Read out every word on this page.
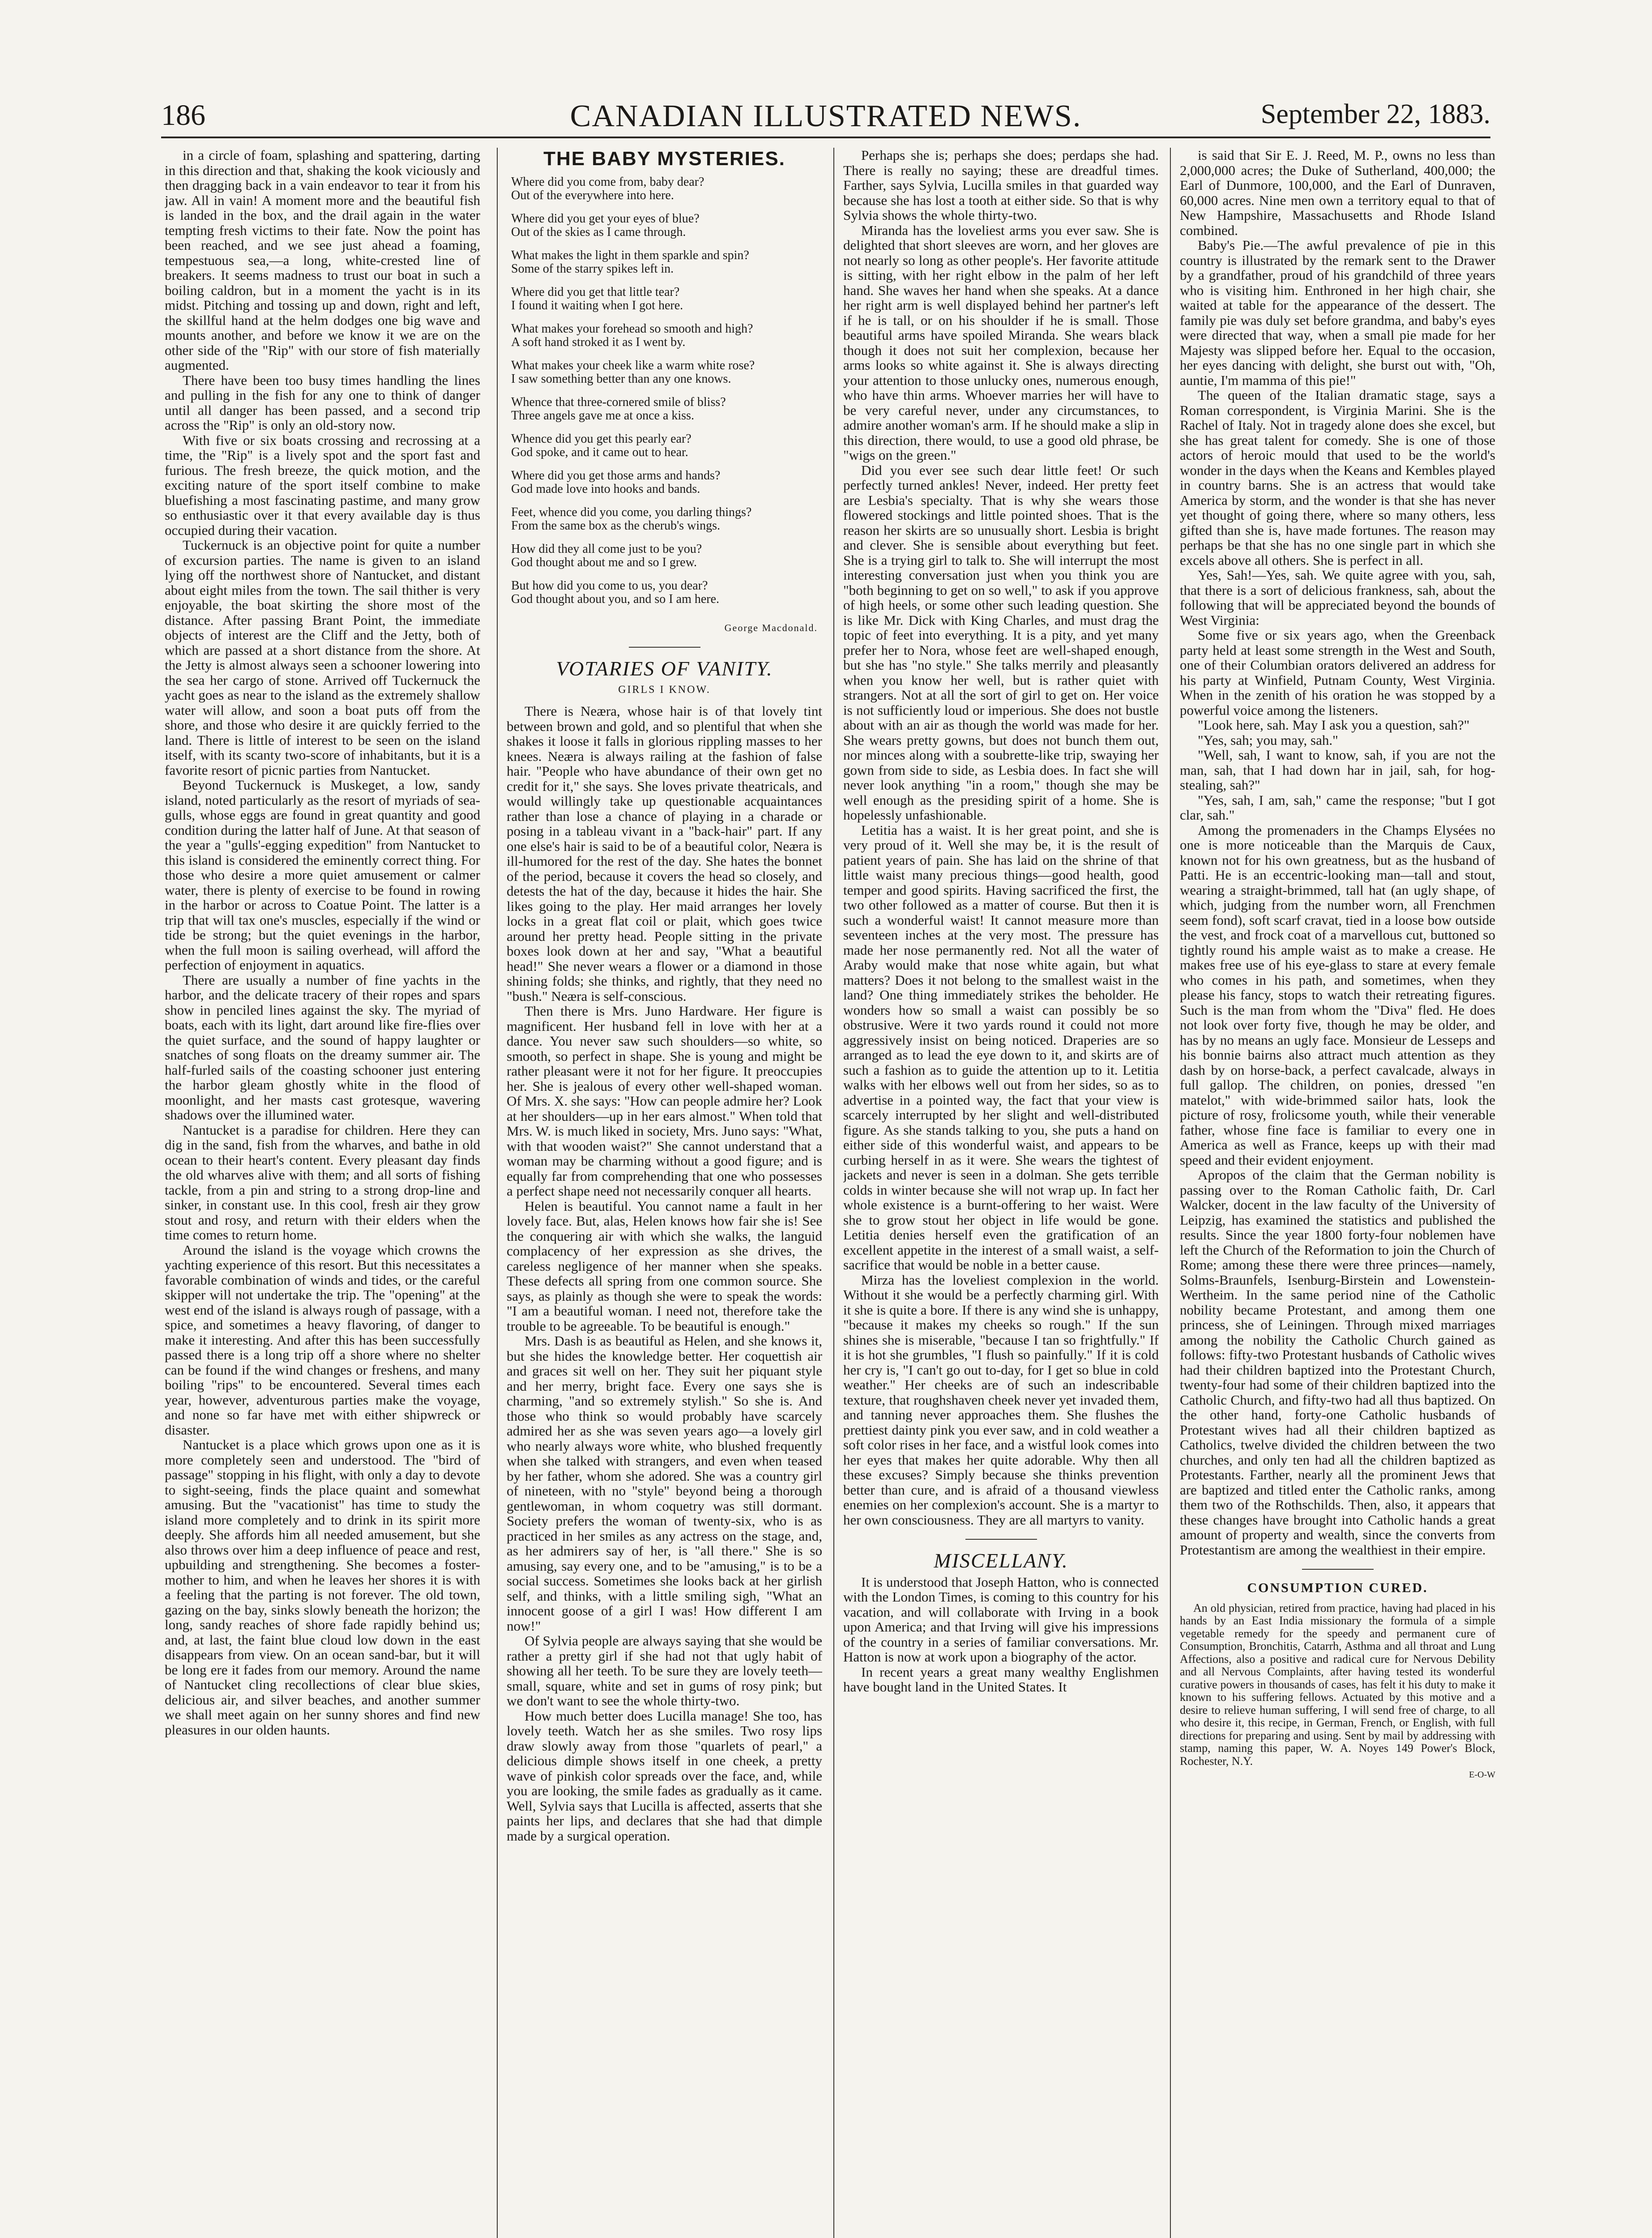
186	CANADIAN ILLUSTRATED NEWS.	September 22, 1883.

in a circle of foam, splashing and spattering, darting in this direction and that, shaking the kook viciously and then dragging back in a vain endeavor to tear it from his jaw. All in vain! A moment more and the beautiful fish is landed in the box, and the drail again in the water tempting fresh victims to their fate. Now the point has been reached, and we see just ahead a foaming, tempestuous sea,—a long, white-crested line of breakers. It seems madness to trust our boat in such a boiling caldron, but in a moment the yacht is in its midst. Pitching and tossing up and down, right and left, the skillful hand at the helm dodges one big wave and mounts another, and before we know it we are on the other side of the "Rip" with our store of fish materially augmented.

There have been too busy times handling the lines and pulling in the fish for any one to think of danger until all danger has been passed, and a second trip across the "Rip" is only an old-story now.

With five or six boats crossing and recrossing at a time, the "Rip" is a lively spot and the sport fast and furious. The fresh breeze, the quick motion, and the exciting nature of the sport itself combine to make bluefishing a most fascinating pastime, and many grow so enthusiastic over it that every available day is thus occupied during their vacation.

Tuckernuck is an objective point for quite a number of excursion parties. The name is given to an island lying off the northwest shore of Nantucket, and distant about eight miles from the town. The sail thither is very enjoyable, the boat skirting the shore most of the distance. After passing Brant Point, the immediate objects of interest are the Cliff and the Jetty, both of which are passed at a short distance from the shore. At the Jetty is almost always seen a schooner lowering into the sea her cargo of stone. Arrived off Tuckernuck the yacht goes as near to the island as the extremely shallow water will allow, and soon a boat puts off from the shore, and those who desire it are quickly ferried to the land. There is little of interest to be seen on the island itself, with its scanty two-score of inhabitants, but it is a favorite resort of picnic parties from Nantucket.

Beyond Tuckernuck is Muskeget, a low, sandy island, noted particularly as the resort of myriads of sea-gulls, whose eggs are found in great quantity and good condition during the latter half of June. At that season of the year a "gulls'-egging expedition" from Nantucket to this island is considered the eminently correct thing. For those who desire a more quiet amusement or calmer water, there is plenty of exercise to be found in rowing in the harbor or across to Coatue Point. The latter is a trip that will tax one's muscles, especially if the wind or tide be strong; but the quiet evenings in the harbor, when the full moon is sailing overhead, will afford the perfection of enjoyment in aquatics.

There are usually a number of fine yachts in the harbor, and the delicate tracery of their ropes and spars show in penciled lines against the sky. The myriad of boats, each with its light, dart around like fire-flies over the quiet surface, and the sound of happy laughter or snatches of song floats on the dreamy summer air. The half-furled sails of the coasting schooner just entering the harbor gleam ghostly white in the flood of moonlight, and her masts cast grotesque, wavering shadows over the illumined water.

Nantucket is a paradise for children. Here they can dig in the sand, fish from the wharves, and bathe in old ocean to their heart's content. Every pleasant day finds the old wharves alive with them; and all sorts of fishing tackle, from a pin and string to a strong drop-line and sinker, in constant use. In this cool, fresh air they grow stout and rosy, and return with their elders when the time comes to return home.

Around the island is the voyage which crowns the yachting experience of this resort. But this necessitates a favorable combination of winds and tides, or the careful skipper will not undertake the trip. The "opening" at the west end of the island is always rough of passage, with a spice, and sometimes a heavy flavoring, of danger to make it interesting. And after this has been successfully passed there is a long trip off a shore where no shelter can be found if the wind changes or freshens, and many boiling "rips" to be encountered. Several times each year, however, adventurous parties make the voyage, and none so far have met with either shipwreck or disaster.

Nantucket is a place which grows upon one as it is more completely seen and understood. The "bird of passage" stopping in his flight, with only a day to devote to sight-seeing, finds the place quaint and somewhat amusing. But the "vacationist" has time to study the island more completely and to drink in its spirit more deeply. She affords him all needed amusement, but she also throws over him a deep influence of peace and rest, upbuilding and strengthening. She becomes a foster-mother to him, and when he leaves her shores it is with a feeling that the parting is not forever. The old town, gazing on the bay, sinks slowly beneath the horizon; the long, sandy reaches of shore fade rapidly behind us; and, at last, the faint blue cloud low down in the east disappears from view. On an ocean sand-bar, but it will be long ere it fades from our memory. Around the name of Nantucket cling recollections of clear blue skies, delicious air, and silver beaches, and another summer we shall meet again on her sunny shores and find new pleasures in our olden haunts.

THE BABY MYSTERIES.
Where did you come from, baby dear?
Out of the everywhere into here.
Where did you get your eyes of blue?
Out of the skies as I came through.
What makes the light in them sparkle and spin?
Some of the starry spikes left in.
Where did you get that little tear?
I found it waiting when I got here.
What makes your forehead so smooth and high?
A soft hand stroked it as I went by.
What makes your cheek like a warm white rose?
I saw something better than any one knows.
Whence that three-cornered smile of bliss?
Three angels gave me at once a kiss.
Whence did you get this pearly ear?
God spoke, and it came out to hear.
Where did you get those arms and hands?
God made love into hooks and bands.
Feet, whence did you come, you darling things?
From the same box as the cherub's wings.
How did they all come just to be you?
God thought about me and so I grew.
But how did you come to us, you dear?
God thought about you, and so I am here.
George Macdonald.
VOTARIES OF VANITY.
GIRLS I KNOW.

There is Neæra, whose hair is of that lovely tint between brown and gold, and so plentiful that when she shakes it loose it falls in glorious rippling masses to her knees. Neæra is always railing at the fashion of false hair. "People who have abundance of their own get no credit for it," she says. She loves private theatricals, and would willingly take up questionable acquaintances rather than lose a chance of playing in a charade or posing in a tableau vivant in a "back-hair" part. If any one else's hair is said to be of a beautiful color, Neæra is ill-humored for the rest of the day. She hates the bonnet of the period, because it covers the head so closely, and detests the hat of the day, because it hides the hair. She likes going to the play. Her maid arranges her lovely locks in a great flat coil or plait, which goes twice around her pretty head. People sitting in the private boxes look down at her and say, "What a beautiful head!" She never wears a flower or a diamond in those shining folds; she thinks, and rightly, that they need no "bush." Neæra is self-conscious.

Then there is Mrs. Juno Hardware. Her figure is magnificent. Her husband fell in love with her at a dance. You never saw such shoulders—so white, so smooth, so perfect in shape. She is young and might be rather pleasant were it not for her figure. It preoccupies her. She is jealous of every other well-shaped woman. Of Mrs. X. she says: "How can people admire her? Look at her shoulders—up in her ears almost." When told that Mrs. W. is much liked in society, Mrs. Juno says: "What, with that wooden waist?" She cannot understand that a woman may be charming without a good figure; and is equally far from comprehending that one who possesses a perfect shape need not necessarily conquer all hearts.

Helen is beautiful. You cannot name a fault in her lovely face. But, alas, Helen knows how fair she is! See the conquering air with which she walks, the languid complacency of her expression as she drives, the careless negligence of her manner when she speaks. These defects all spring from one common source. She says, as plainly as though she were to speak the words: "I am a beautiful woman. I need not, therefore take the trouble to be agreeable. To be beautiful is enough."

Mrs. Dash is as beautiful as Helen, and she knows it, but she hides the knowledge better. Her coquettish air and graces sit well on her. They suit her piquant style and her merry, bright face. Every one says she is charming, "and so extremely stylish." So she is. And those who think so would probably have scarcely admired her as she was seven years ago—a lovely girl who nearly always wore white, who blushed frequently when she talked with strangers, and even when teased by her father, whom she adored. She was a country girl of nineteen, with no "style" beyond being a thorough gentlewoman, in whom coquetry was still dormant. Society prefers the woman of twenty-six, who is as practiced in her smiles as any actress on the stage, and, as her admirers say of her, is "all there." She is so amusing, say every one, and to be "amusing," is to be a social success. Sometimes she looks back at her girlish self, and thinks, with a little smiling sigh, "What an innocent goose of a girl I was! How different I am now!"

Of Sylvia people are always saying that she would be rather a pretty girl if she had not that ugly habit of showing all her teeth. To be sure they are lovely teeth—small, square, white and set in gums of rosy pink; but we don't want to see the whole thirty-two.

How much better does Lucilla manage! She too, has lovely teeth. Watch her as she smiles. Two rosy lips draw slowly away from those "quarlets of pearl," a delicious dimple shows itself in one cheek, a pretty wave of pinkish color spreads over the face, and, while you are looking, the smile fades as gradually as it came. Well, Sylvia says that Lucilla is affected, asserts that she paints her lips, and declares that she had that dimple made by a surgical operation.

Perhaps she is; perhaps she does; perdaps she had. There is really no saying; these are dreadful times. Farther, says Sylvia, Lucilla smiles in that guarded way because she has lost a tooth at either side. So that is why Sylvia shows the whole thirty-two.

Miranda has the loveliest arms you ever saw. She is delighted that short sleeves are worn, and her gloves are not nearly so long as other people's. Her favorite attitude is sitting, with her right elbow in the palm of her left hand. She waves her hand when she speaks. At a dance her right arm is well displayed behind her partner's left if he is tall, or on his shoulder if he is small. Those beautiful arms have spoiled Miranda. She wears black though it does not suit her complexion, because her arms looks so white against it. She is always directing your attention to those unlucky ones, numerous enough, who have thin arms. Whoever marries her will have to be very careful never, under any circumstances, to admire another woman's arm. If he should make a slip in this direction, there would, to use a good old phrase, be "wigs on the green."

Did you ever see such dear little feet! Or such perfectly turned ankles! Never, indeed. Her pretty feet are Lesbia's specialty. That is why she wears those flowered stockings and little pointed shoes. That is the reason her skirts are so unusually short. Lesbia is bright and clever. She is sensible about everything but feet. She is a trying girl to talk to. She will interrupt the most interesting conversation just when you think you are "both beginning to get on so well," to ask if you approve of high heels, or some other such leading question. She is like Mr. Dick with King Charles, and must drag the topic of feet into everything. It is a pity, and yet many prefer her to Nora, whose feet are well-shaped enough, but she has "no style." She talks merrily and pleasantly when you know her well, but is rather quiet with strangers. Not at all the sort of girl to get on. Her voice is not sufficiently loud or imperious. She does not bustle about with an air as though the world was made for her. She wears pretty gowns, but does not bunch them out, nor minces along with a soubrette-like trip, swaying her gown from side to side, as Lesbia does. In fact she will never look anything "in a room," though she may be well enough as the presiding spirit of a home. She is hopelessly unfashionable.

Letitia has a waist. It is her great point, and she is very proud of it. Well she may be, it is the result of patient years of pain. She has laid on the shrine of that little waist many precious things—good health, good temper and good spirits. Having sacrificed the first, the two other followed as a matter of course. But then it is such a wonderful waist! It cannot measure more than seventeen inches at the very most. The pressure has made her nose permanently red. Not all the water of Araby would make that nose white again, but what matters? Does it not belong to the smallest waist in the land? One thing immediately strikes the beholder. He wonders how so small a waist can possibly be so obstrusive. Were it two yards round it could not more aggressively insist on being noticed. Draperies are so arranged as to lead the eye down to it, and skirts are of such a fashion as to guide the attention up to it. Letitia walks with her elbows well out from her sides, so as to advertise in a pointed way, the fact that your view is scarcely interrupted by her slight and well-distributed figure. As she stands talking to you, she puts a hand on either side of this wonderful waist, and appears to be curbing herself in as it were. She wears the tightest of jackets and never is seen in a dolman. She gets terrible colds in winter because she will not wrap up. In fact her whole existence is a burnt-offering to her waist. Were she to grow stout her object in life would be gone. Letitia denies herself even the gratification of an excellent appetite in the interest of a small waist, a self-sacrifice that would be noble in a better cause.

Mirza has the loveliest complexion in the world. Without it she would be a perfectly charming girl. With it she is quite a bore. If there is any wind she is unhappy, "because it makes my cheeks so rough." If the sun shines she is miserable, "because I tan so frightfully." If it is hot she grumbles, "I flush so painfully." If it is cold her cry is, "I can't go out to-day, for I get so blue in cold weather." Her cheeks are of such an indescribable texture, that roughshaven cheek never yet invaded them, and tanning never approaches them. She flushes the prettiest dainty pink you ever saw, and in cold weather a soft color rises in her face, and a wistful look comes into her eyes that makes her quite adorable. Why then all these excuses? Simply because she thinks prevention better than cure, and is afraid of a thousand viewless enemies on her complexion's account. She is a martyr to her own consciousness. They are all martyrs to vanity.

MISCELLANY.

It is understood that Joseph Hatton, who is connected with the London Times, is coming to this country for his vacation, and will collaborate with Irving in a book upon America; and that Irving will give his impressions of the country in a series of familiar conversations. Mr. Hatton is now at work upon a biography of the actor.

In recent years a great many wealthy Englishmen have bought land in the United States. It

is said that Sir E. J. Reed, M. P., owns no less than 2,000,000 acres; the Duke of Sutherland, 400,000; the Earl of Dunmore, 100,000, and the Earl of Dunraven, 60,000 acres. Nine men own a territory equal to that of New Hampshire, Massachusetts and Rhode Island combined.

Baby's Pie.—The awful prevalence of pie in this country is illustrated by the remark sent to the Drawer by a grandfather, proud of his grandchild of three years who is visiting him. Enthroned in her high chair, she waited at table for the appearance of the dessert. The family pie was duly set before grandma, and baby's eyes were directed that way, when a small pie made for her Majesty was slipped before her. Equal to the occasion, her eyes dancing with delight, she burst out with, "Oh, auntie, I'm mamma of this pie!"

The queen of the Italian dramatic stage, says a Roman correspondent, is Virginia Marini. She is the Rachel of Italy. Not in tragedy alone does she excel, but she has great talent for comedy. She is one of those actors of heroic mould that used to be the world's wonder in the days when the Keans and Kembles played in country barns. She is an actress that would take America by storm, and the wonder is that she has never yet thought of going there, where so many others, less gifted than she is, have made fortunes. The reason may perhaps be that she has no one single part in which she excels above all others. She is perfect in all.

Yes, Sah!—Yes, sah. We quite agree with you, sah, that there is a sort of delicious frankness, sah, about the following that will be appreciated beyond the bounds of West Virginia:

Some five or six years ago, when the Greenback party held at least some strength in the West and South, one of their Columbian orators delivered an address for his party at Winfield, Putnam County, West Virginia. When in the zenith of his oration he was stopped by a powerful voice among the listeners.

"Look here, sah. May I ask you a question, sah?"

"Yes, sah; you may, sah."

"Well, sah, I want to know, sah, if you are not the man, sah, that I had down har in jail, sah, for hog-stealing, sah?"

"Yes, sah, I am, sah," came the response; "but I got clar, sah."

Among the promenaders in the Champs Elysées no one is more noticeable than the Marquis de Caux, known not for his own greatness, but as the husband of Patti. He is an eccentric-looking man—tall and stout, wearing a straight-brimmed, tall hat (an ugly shape, of which, judging from the number worn, all Frenchmen seem fond), soft scarf cravat, tied in a loose bow outside the vest, and frock coat of a marvellous cut, buttoned so tightly round his ample waist as to make a crease. He makes free use of his eye-glass to stare at every female who comes in his path, and sometimes, when they please his fancy, stops to watch their retreating figures. Such is the man from whom the "Diva" fled. He does not look over forty five, though he may be older, and has by no means an ugly face. Monsieur de Lesseps and his bonnie bairns also attract much attention as they dash by on horse-back, a perfect cavalcade, always in full gallop. The children, on ponies, dressed "en matelot," with wide-brimmed sailor hats, look the picture of rosy, frolicsome youth, while their venerable father, whose fine face is familiar to every one in America as well as France, keeps up with their mad speed and their evident enjoyment.

Apropos of the claim that the German nobility is passing over to the Roman Catholic faith, Dr. Carl Walcker, docent in the law faculty of the University of Leipzig, has examined the statistics and published the results. Since the year 1800 forty-four noblemen have left the Church of the Reformation to join the Church of Rome; among these there were three princes—namely, Solms-Braunfels, Isenburg-Birstein and Lowenstein-Wertheim. In the same period nine of the Catholic nobility became Protestant, and among them one princess, she of Leiningen. Through mixed marriages among the nobility the Catholic Church gained as follows: fifty-two Protestant husbands of Catholic wives had their children baptized into the Protestant Church, twenty-four had some of their children baptized into the Catholic Church, and fifty-two had all thus baptized. On the other hand, forty-one Catholic husbands of Protestant wives had all their children baptized as Catholics, twelve divided the children between the two churches, and only ten had all the children baptized as Protestants. Farther, nearly all the prominent Jews that are baptized and titled enter the Catholic ranks, among them two of the Rothschilds. Then, also, it appears that these changes have brought into Catholic hands a great amount of property and wealth, since the converts from Protestantism are among the wealthiest in their empire.

CONSUMPTION CURED.

An old physician, retired from practice, having had placed in his hands by an East India missionary the formula of a simple vegetable remedy for the speedy and permanent cure of Consumption, Bronchitis, Catarrh, Asthma and all throat and Lung Affections, also a positive and radical cure for Nervous Debility and all Nervous Complaints, after having tested its wonderful curative powers in thousands of cases, has felt it his duty to make it known to his suffering fellows. Actuated by this motive and a desire to relieve human suffering, I will send free of charge, to all who desire it, this recipe, in German, French, or English, with full directions for preparing and using. Sent by mail by addressing with stamp, naming this paper, W. A. Noyes 149 Power's Block, Rochester, N.Y.

E-O-W
